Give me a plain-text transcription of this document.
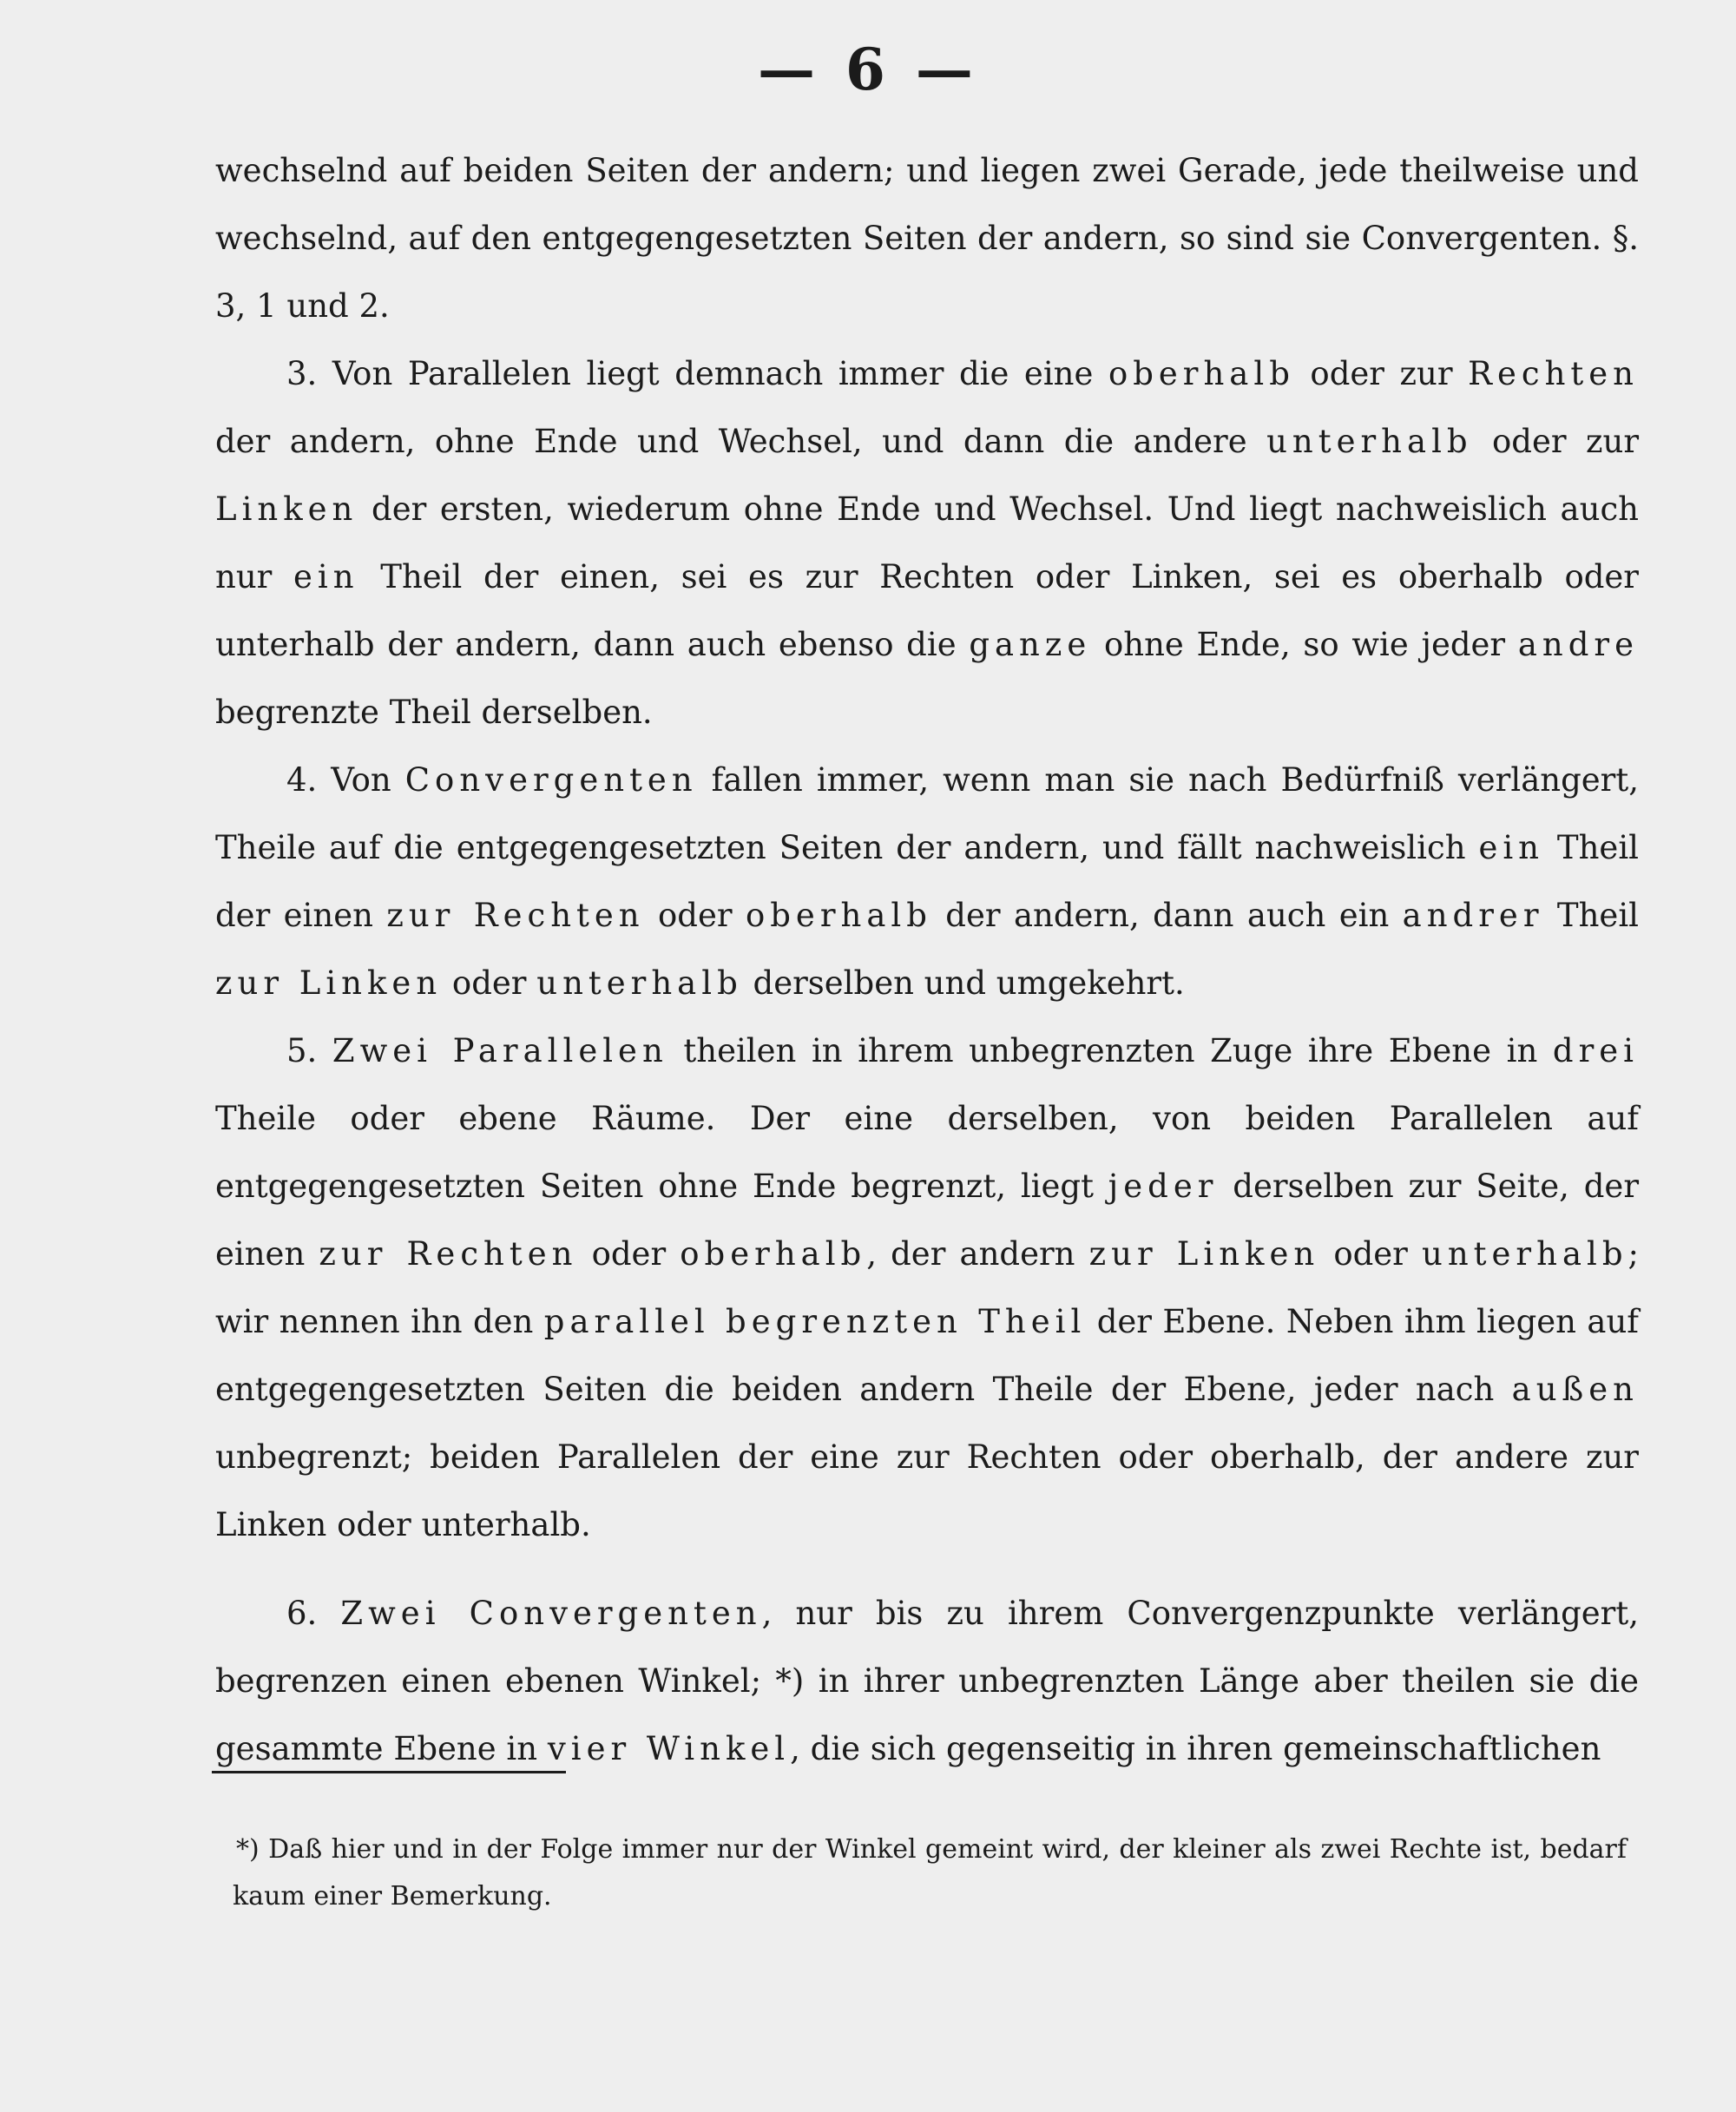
— 6 —

wechselnd auf beiden Seiten der andern; und liegen zwei Gerade, jede theilweise und wechselnd, auf den entgegengesetzten Seiten der andern, so sind sie Convergenten. §. 3, 1 und 2.

3. Von Parallelen liegt demnach immer die eine oberhalb oder zur Rechten der andern, ohne Ende und Wechsel, und dann die andere unterhalb oder zur Linken der ersten, wiederum ohne Ende und Wechsel. Und liegt nachweislich auch nur ein Theil der einen, sei es zur Rechten oder Linken, sei es oberhalb oder unterhalb der andern, dann auch ebenso die ganze ohne Ende, so wie jeder andre begrenzte Theil derselben.

4. Von Convergenten fallen immer, wenn man sie nach Bedürfniß verlängert, Theile auf die entgegengesetzten Seiten der andern, und fällt nachweislich ein Theil der einen zur Rechten oder oberhalb der andern, dann auch ein andrer Theil zur Linken oder unterhalb derselben und umgekehrt.

5. Zwei Parallelen theilen in ihrem unbegrenzten Zuge ihre Ebene in drei Theile oder ebene Räume. Der eine derselben, von beiden Parallelen auf entgegengesetzten Seiten ohne Ende begrenzt, liegt jeder derselben zur Seite, der einen zur Rechten oder oberhalb, der andern zur Linken oder unterhalb; wir nennen ihn den parallel begrenzten Theil der Ebene. Neben ihm liegen auf entgegengesetzten Seiten die beiden andern Theile der Ebene, jeder nach außen unbegrenzt; beiden Parallelen der eine zur Rechten oder oberhalb, der andere zur Linken oder unterhalb.

6. Zwei Convergenten, nur bis zu ihrem Convergenzpunkte verlängert, begrenzen einen ebenen Winkel; *) in ihrer unbegrenzten Länge aber theilen sie die gesammte Ebene in vier Winkel, die sich gegenseitig in ihren gemeinschaftlichen

*) Daß hier und in der Folge immer nur der Winkel gemeint wird, der kleiner als zwei Rechte ist, bedarf kaum einer Bemerkung.
